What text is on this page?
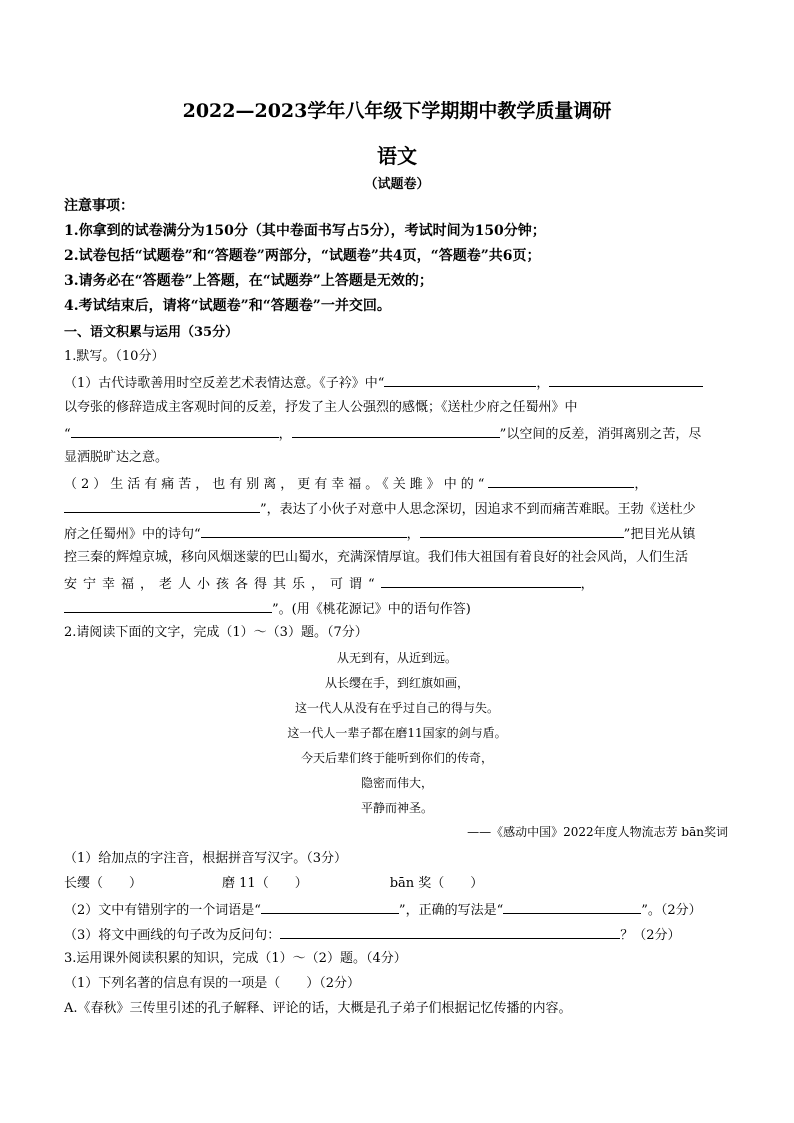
2022—2023学年八年级下学期期中教学质量调研
语文
（试题卷）
注意事项：
1.你拿到的试卷满分为150分（其中卷面书写占5分），考试时间为150分钟；
2.试卷包括“试题卷”和“答题卷”两部分，“试题卷”共4页，“答题卷”共6页；
3.请务必在“答题卷”上答题，在“试题券”上答题是无效的；
4.考试结束后，请将“试题卷”和“答题卷”一并交回。
一、语文积累与运用（35分）
1.默写。（10分）
（1）古代诗歌善用时空反差艺术表情达意。《子衿》中“	，
以夸张的修辞造成主客观时间的反差，抒发了主人公强烈的感慨；《送杜少府之任蜀州》中
“	，	”以空间的反差，消弭离别之苦，尽
显洒脱旷达之意。
（2）生活有痛苦，也有别离，更有幸福。《关雎》中的“	，
”，表达了小伙子对意中人思念深切，因追求不到而痛苦难眠。王勃《送杜少
府之任蜀州》中的诗句“	，	”把目光从镇
控三秦的辉煌京城，移向风烟迷蒙的巴山蜀水，充满深情厚谊。我们伟大祖国有着良好的社会风尚，人们生活
安宁幸福，老人小孩各得其乐，可谓“	，
”。(用《桃花源记》中的语句作答)
2.请阅读下面的文字，完成（1）～（3）题。（7分）
从无到有，从近到远。
从长缨在手，到红旗如画，
这一代人从没有在乎过自己的得与失。
这一代人一辈子都在磨11国家的剑与盾。
今天后辈们终于能听到你们的传奇，
隐密而伟大，
平静而神圣。
——《感动中国》2022年度人物流志芳 bān奖词
（1）给加点的字注音，根据拼音写汉字。（3分）
长缨（　　）	磨 11（　　）	bān 奖（　　）
（2）文中有错别字的一个词语是“	”，正确的写法是“	”。（2分）
（3）将文中画线的句子改为反问句：	？（2分）
3.运用课外阅读积累的知识，完成（1）～（2）题。（4分）
（1）下列名著的信息有误的一项是（　　）（2分）
A.《春秋》三传里引述的孔子解释、评论的话，大概是孔子弟子们根据记忆传播的内容。
